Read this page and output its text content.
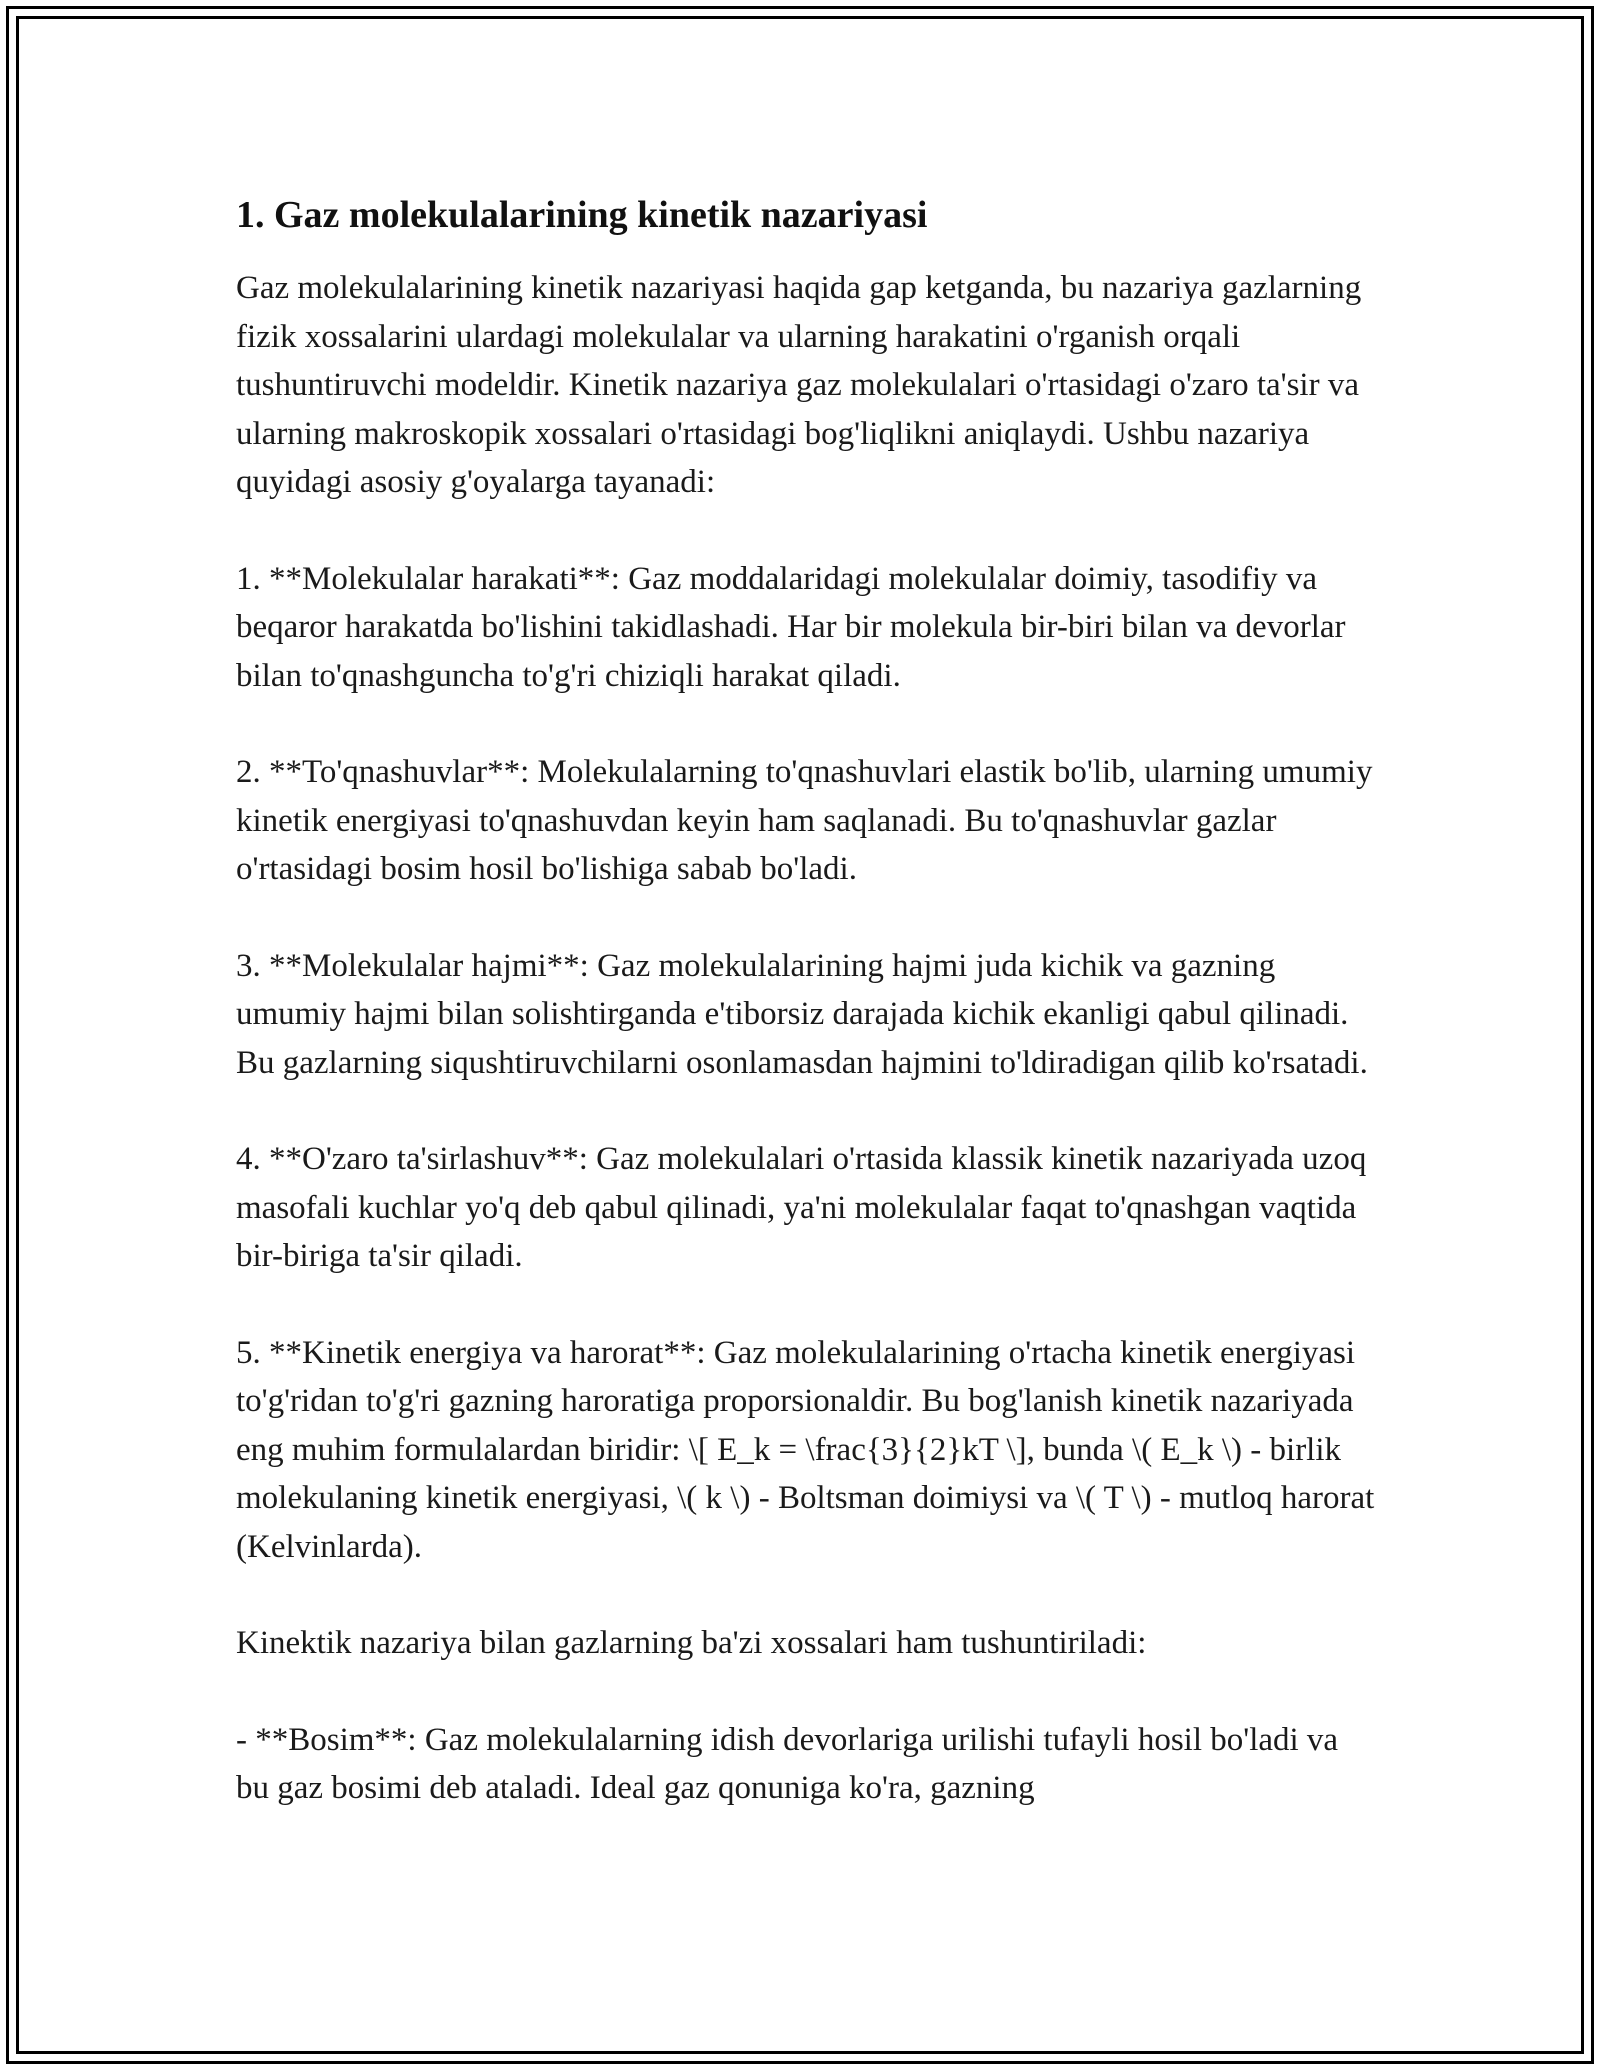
1. Gaz molekulalarining kinetik nazariyasi

Gaz molekulalarining kinetik nazariyasi haqida gap ketganda, bu nazariya gazlarning fizik xossalarini ulardagi molekulalar va ularning harakatini o'rganish orqali tushuntiruvchi modeldir. Kinetik nazariya gaz molekulalari o'rtasidagi o'zaro ta'sir va ularning makroskopik xossalari o'rtasidagi bog'liqlikni aniqlaydi. Ushbu nazariya quyidagi asosiy g'oyalarga tayanadi:

1. **Molekulalar harakati**: Gaz moddalaridagi molekulalar doimiy, tasodifiy va beqaror harakatda bo'lishini takidlashadi. Har bir molekula bir-biri bilan va devorlar bilan to'qnashguncha to'g'ri chiziqli harakat qiladi.

2. **To'qnashuvlar**: Molekulalarning to'qnashuvlari elastik bo'lib, ularning umumiy kinetik energiyasi to'qnashuvdan keyin ham saqlanadi. Bu to'qnashuvlar gazlar o'rtasidagi bosim hosil bo'lishiga sabab bo'ladi.

3. **Molekulalar hajmi**: Gaz molekulalarining hajmi juda kichik va gazning umumiy hajmi bilan solishtirganda e'tiborsiz darajada kichik ekanligi qabul qilinadi. Bu gazlarning siqushtiruvchilarni osonlamasdan hajmini to'ldiradigan qilib ko'rsatadi.

4. **O'zaro ta'sirlashuv**: Gaz molekulalari o'rtasida klassik kinetik nazariyada uzoq masofali kuchlar yo'q deb qabul qilinadi, ya'ni molekulalar faqat to'qnashgan vaqtida bir-biriga ta'sir qiladi.

5. **Kinetik energiya va harorat**: Gaz molekulalarining o'rtacha kinetik energiyasi to'g'ridan to'g'ri gazning haroratiga proporsionaldir. Bu bog'lanish kinetik nazariyada eng muhim formulalardan biridir: \[ E_k = \frac{3}{2}kT \], bunda \( E_k \) - birlik molekulaning kinetik energiyasi, \( k \) - Boltsman doimiysi va \( T \) - mutloq harorat (Kelvinlarda).

Kinektik nazariya bilan gazlarning ba'zi xossalari ham tushuntiriladi:

- **Bosim**: Gaz molekulalarning idish devorlariga urilishi tufayli hosil bo'ladi va bu gaz bosimi deb ataladi. Ideal gaz qonuniga ko'ra, gazning
